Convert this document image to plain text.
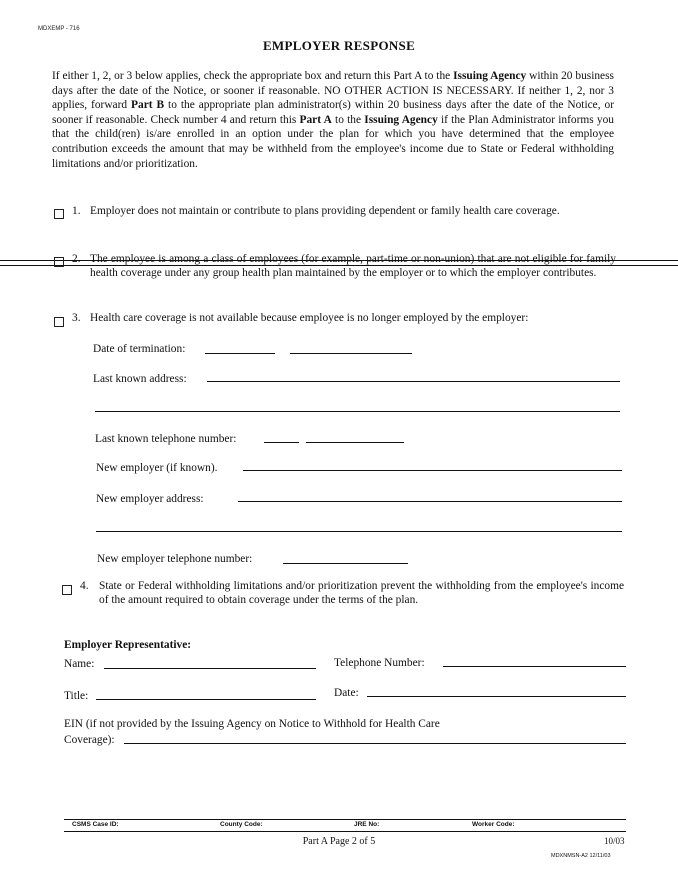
MDXEMP - 716
EMPLOYER RESPONSE
If either 1, 2, or 3 below applies, check the appropriate box and return this Part A to the Issuing Agency within 20 business days after the date of the Notice, or sooner if reasonable. NO OTHER ACTION IS NECESSARY. If neither 1, 2, nor 3 applies, forward Part B to the appropriate plan administrator(s) within 20 business days after the date of the Notice, or sooner if reasonable. Check number 4 and return this Part A to the Issuing Agency if the Plan Administrator informs you that the child(ren) is/are enrolled in an option under the plan for which you have determined that the employee contribution exceeds the amount that may be withheld from the employee's income due to State or Federal withholding limitations and/or prioritization.
1. Employer does not maintain or contribute to plans providing dependent or family health care coverage.
2. The employee is among a class of employees (for example, part-time or non-union) that are not eligible for family health coverage under any group health plan maintained by the employer or to which the employer contributes.
3. Health care coverage is not available because employee is no longer employed by the employer:
Date of termination:
Last known address:
Last known telephone number:
New employer (if known).
New employer address:
New employer telephone number:
4. State or Federal withholding limitations and/or prioritization prevent the withholding from the employee's income of the amount required to obtain coverage under the terms of the plan.
Employer Representative:
Name:	Telephone Number:
Title:	Date:
EIN (if not provided by the Issuing Agency on Notice to Withhold for Health Care
Coverage):
CSMS Case ID:	County Code:	JRE No:	Worker Code:
Part A Page 2 of 5	10/03
MDXNMSN-A2 12/11/03
